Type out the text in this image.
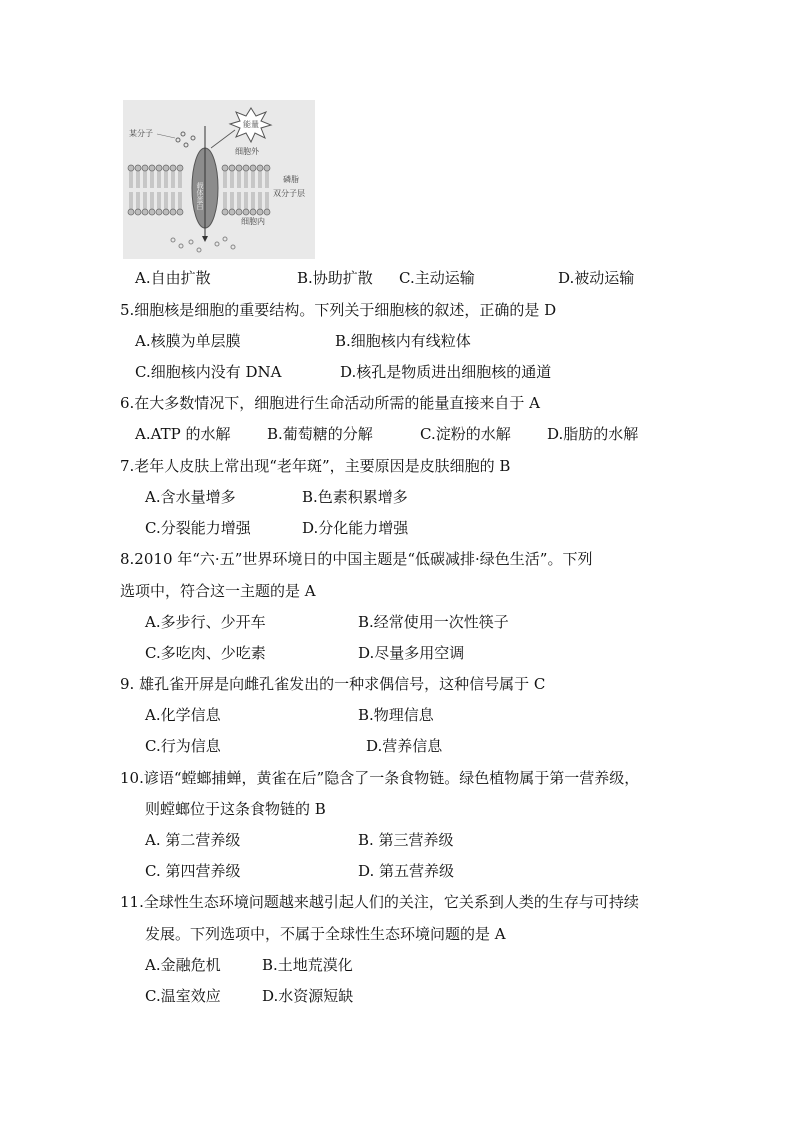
载体蛋白
能量
某分子
细胞外
磷脂
双分子层
细胞内
A.自由扩散	B.协助扩散 C.主动运输	D.被动运输
5.细胞核是细胞的重要结构。下列关于细胞核的叙述，正确的是 D
A.核膜为单层膜	B.细胞核内有线粒体
C.细胞核内没有 DNA	D.核孔是物质进出细胞核的通道
6.在大多数情况下，细胞进行生命活动所需的能量直接来自于 A
A.ATP 的水解 B.葡萄糖的分解	C.淀粉的水解 D.脂肪的水解
7.老年人皮肤上常出现“老年斑”，主要原因是皮肤细胞的 B
A.含水量增多	B.色素积累增多
C.分裂能力增强	D.分化能力增强
8.2010 年“六·五”世界环境日的中国主题是“低碳减排·绿色生活”。下列
选项中，符合这一主题的是 A
A.多步行、少开车	B.经常使用一次性筷子
C.多吃肉、少吃素	D.尽量多用空调
9. 雄孔雀开屏是向雌孔雀发出的一种求偶信号，这种信号属于 C
A.化学信息	B.物理信息
C.行为信息	D.营养信息
10.谚语“螳螂捕蝉，黄雀在后”隐含了一条食物链。绿色植物属于第一营养级，
则螳螂位于这条食物链的 B
A. 第二营养级	B. 第三营养级
C. 第四营养级	D. 第五营养级
11.全球性生态环境问题越来越引起人们的关注，它关系到人类的生存与可持续
发展。下列选项中，不属于全球性生态环境问题的是 A
A.金融危机	B.土地荒漠化
C.温室效应	D.水资源短缺
